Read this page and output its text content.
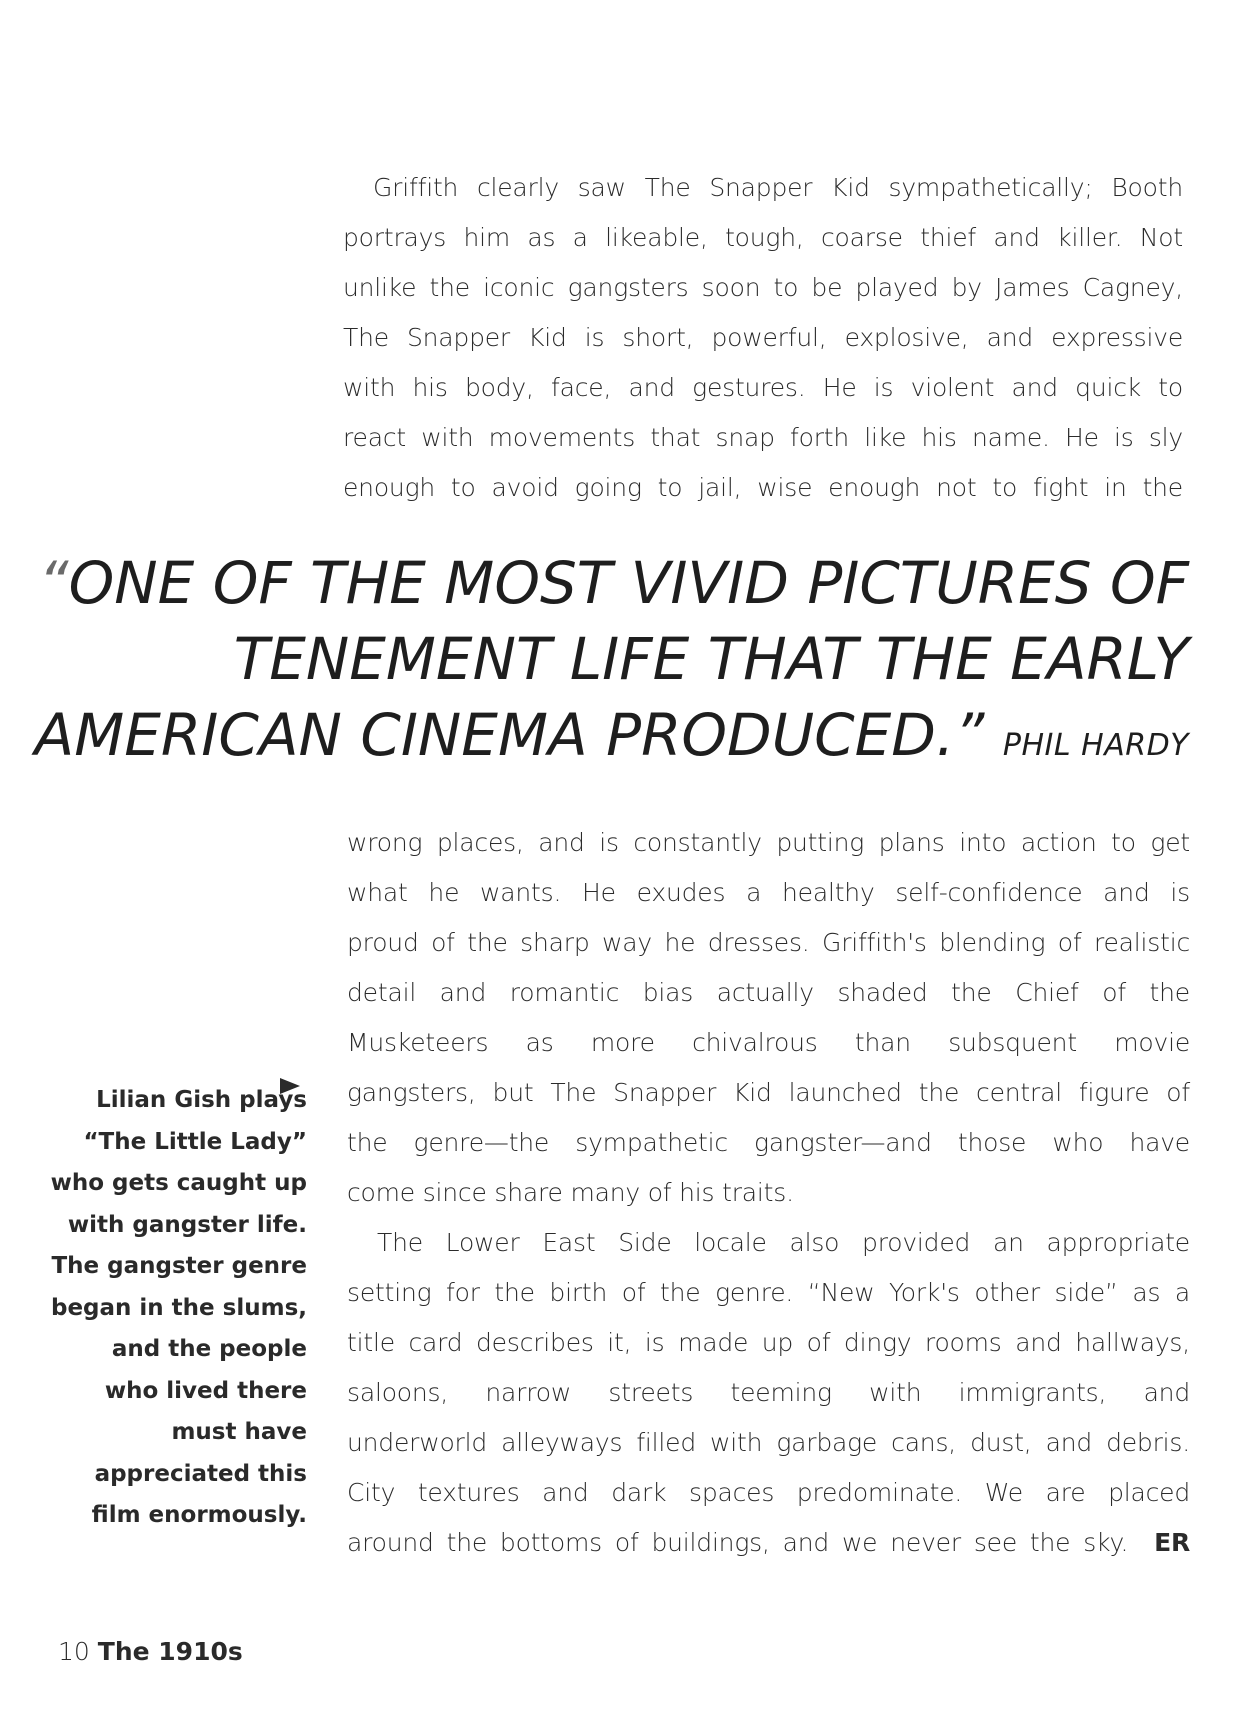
Griffith clearly saw The Snapper Kid sympathetically; Booth
portrays him as a likeable, tough, coarse thief and killer. Not
unlike the iconic gangsters soon to be played by James Cagney,
The Snapper Kid is short, powerful, explosive, and expressive
with his body, face, and gestures. He is violent and quick to
react with movements that snap forth like his name. He is sly
enough to avoid going to jail, wise enough not to fight in the

“ONE OF THE MOST VIVID PICTURES OF
TENEMENT LIFE THAT THE EARLY
AMERICAN CINEMA PRODUCED.” PHIL HARDY

wrong places, and is constantly putting plans into action to get
what he wants. He exudes a healthy self-confidence and is
proud of the sharp way he dresses. Griffith's blending of realistic
detail and romantic bias actually shaded the Chief of the
Musketeers as more chivalrous than subsquent movie
gangsters, but The Snapper Kid launched the central figure of
the genre—the sympathetic gangster—and those who have
come since share many of his traits.

The Lower East Side locale also provided an appropriate
setting for the birth of the genre. “New York's other side” as a
title card describes it, is made up of dingy rooms and hallways,
saloons, narrow streets teeming with immigrants, and
underworld alleyways filled with garbage cans, dust, and debris.
City textures and dark spaces predominate. We are placed
around the bottoms of buildings, and we never see the sky. ER

Lilian Gish plays
“The Little Lady”
who gets caught up
with gangster life.
The gangster genre
began in the slums,
and the people
who lived there
must have
appreciated this
film enormously.
10 The 1910s
